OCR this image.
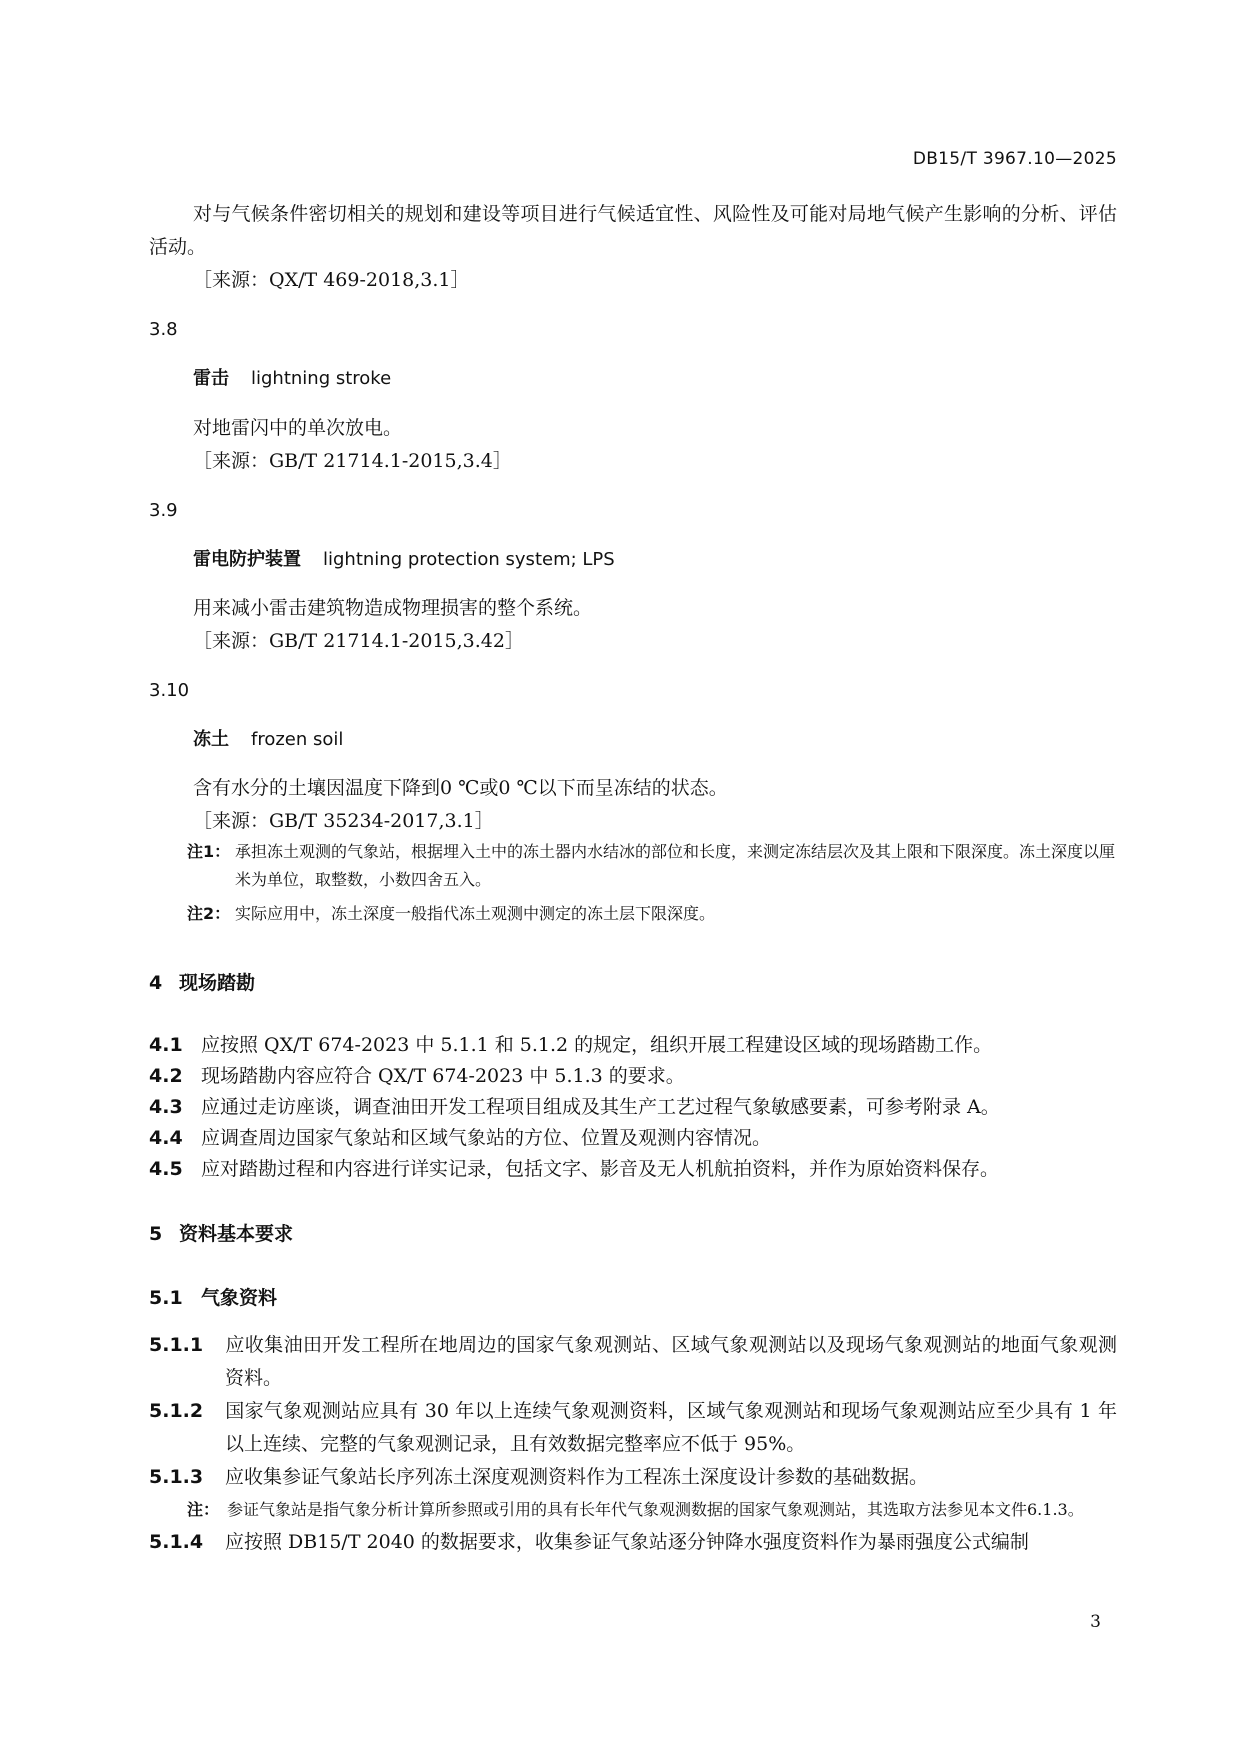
DB15/T 3967.10—2025

对与气候条件密切相关的规划和建设等项目进行气候适宜性、风险性及可能对局地气候产生影响的分析、评估活动。

［来源：QX/T 469-2018,3.1］

3.8

雷击 lightning stroke

对地雷闪中的单次放电。

［来源：GB/T 21714.1-2015,3.4］

3.9

雷电防护装置 lightning protection system; LPS

用来减小雷击建筑物造成物理损害的整个系统。

［来源：GB/T 21714.1-2015,3.42］

3.10

冻土 frozen soil

含有水分的土壤因温度下降到0 ℃或0 ℃以下而呈冻结的状态。

［来源：GB/T 35234-2017,3.1］

注1： 承担冻土观测的气象站，根据埋入土中的冻土器内水结冰的部位和长度，来测定冻结层次及其上限和下限深度。冻土深度以厘米为单位，取整数，小数四舍五入。

注2： 实际应用中，冻土深度一般指代冻土观测中测定的冻土层下限深度。

4 现场踏勘

4.1 应按照 QX/T 674-2023 中 5.1.1 和 5.1.2 的规定，组织开展工程建设区域的现场踏勘工作。

4.2 现场踏勘内容应符合 QX/T 674-2023 中 5.1.3 的要求。

4.3 应通过走访座谈，调查油田开发工程项目组成及其生产工艺过程气象敏感要素，可参考附录 A。

4.4 应调查周边国家气象站和区域气象站的方位、位置及观测内容情况。

4.5 应对踏勘过程和内容进行详实记录，包括文字、影音及无人机航拍资料，并作为原始资料保存。

5 资料基本要求

5.1 气象资料

5.1.1 应收集油田开发工程所在地周边的国家气象观测站、区域气象观测站以及现场气象观测站的地面气象观测资料。

5.1.2 国家气象观测站应具有 30 年以上连续气象观测资料，区域气象观测站和现场气象观测站应至少具有 1 年以上连续、完整的气象观测记录，且有效数据完整率应不低于 95%。

5.1.3 应收集参证气象站长序列冻土深度观测资料作为工程冻土深度设计参数的基础数据。

注： 参证气象站是指气象分析计算所参照或引用的具有长年代气象观测数据的国家气象观测站，其选取方法参见本文件6.1.3。

5.1.4 应按照 DB15/T 2040 的数据要求，收集参证气象站逐分钟降水强度资料作为暴雨强度公式编制

3
